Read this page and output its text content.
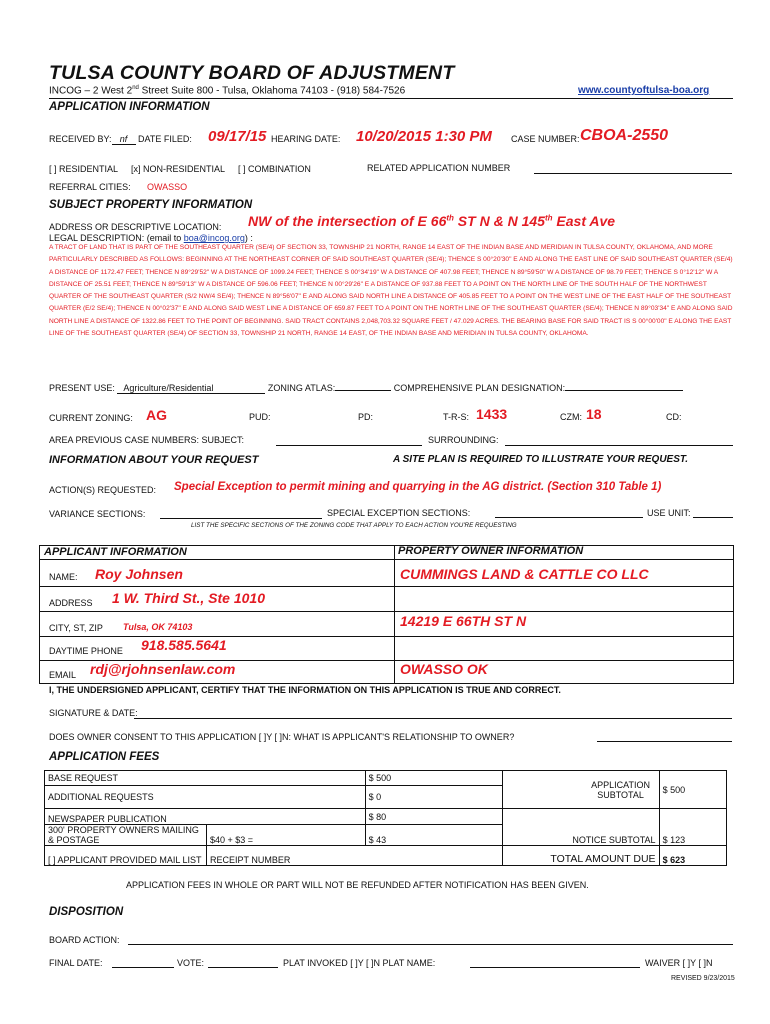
TULSA COUNTY BOARD OF ADJUSTMENT
INCOG – 2 West 2nd Street Suite 800 - Tulsa, Oklahoma 74103 - (918) 584-7526	www.countyoftulsa-boa.org
APPLICATION INFORMATION
RECEIVED BY: nf DATE FILED: 09/17/15 HEARING DATE: 10/20/2015 1:30 PM CASE NUMBER: CBOA-2550
[ ] RESIDENTIAL [x] NON-RESIDENTIAL [ ] COMBINATION	RELATED APPLICATION NUMBER
REFERRAL CITIES: OWASSO
SUBJECT PROPERTY INFORMATION
ADDRESS OR DESCRIPTIVE LOCATION: NW of the intersection of E 66th ST N & N 145th East Ave
LEGAL DESCRIPTION: (email to boa@incog.org) :
A TRACT OF LAND THAT IS PART OF THE SOUTHEAST QUARTER (SE/4) OF SECTION 33, TOWNSHIP 21 NORTH, RANGE 14 EAST OF THE INDIAN BASE AND MERIDIAN IN TULSA COUNTY, OKLAHOMA, AND MORE PARTICULARLY DESCRIBED AS FOLLOWS: BEGINNING AT THE NORTHEAST CORNER OF SAID SOUTHEAST QUARTER (SE/4); THENCE S 00°20'30" E AND ALONG THE EAST LINE OF SAID SOUTHEAST QUARTER (SE/4) A DISTANCE OF 1172.47 FEET; THENCE N 89°29'52" W A DISTANCE OF 1099.24 FEET; THENCE S 00°34'19" W A DISTANCE OF 407.98 FEET; THENCE N 89°59'50" W A DISTANCE OF 98.79 FEET; THENCE S 0°12'12" W A DISTANCE OF 25.51 FEET; THENCE N 89°59'13" W A DISTANCE OF 596.06 FEET; THENCE N 00°29'26" E A DISTANCE OF 937.88 FEET TO A POINT ON THE NORTH LINE OF THE SOUTH HALF OF THE NORTHWEST QUARTER OF THE SOUTHEAST QUARTER (S/2 NW/4 SE/4); THENCE N 89°56'07" E AND ALONG SAID NORTH LINE A DISTANCE OF 405.85 FEET TO A POINT ON THE WEST LINE OF THE EAST HALF OF THE SOUTHEAST QUARTER (E/2 SE/4); THENCE N 00°02'37" E AND ALONG SAID WEST LINE A DISTANCE OF 659.87 FEET TO A POINT ON THE NORTH LINE OF THE SOUTHEAST QUARTER (SE/4); THENCE N 89°03'34" E AND ALONG SAID NORTH LINE A DISTANCE OF 1322.86 FEET TO THE POINT OF BEGINNING. SAID TRACT CONTAINS 2,048,703.32 SQUARE FEET / 47.029 ACRES. THE BEARING BASE FOR SAID TRACT IS S 00°00'00" E ALONG THE EAST LINE OF THE SOUTHEAST QUARTER (SE/4) OF SECTION 33, TOWNSHIP 21 NORTH, RANGE 14 EAST, OF THE INDIAN BASE AND MERIDIAN IN TULSA COUNTY, OKLAHOMA.
PRESENT USE: Agriculture/Residential	ZONING ATLAS:	COMPREHENSIVE PLAN DESIGNATION:
CURRENT ZONING: AG	PUD:	PD:	T-R-S: 1433	CZM: 18	CD:
AREA PREVIOUS CASE NUMBERS: SUBJECT:	SURROUNDING:
INFORMATION ABOUT YOUR REQUEST	A SITE PLAN IS REQUIRED TO ILLUSTRATE YOUR REQUEST.
ACTION(S) REQUESTED: Special Exception to permit mining and quarrying in the AG district. (Section 310 Table 1)
VARIANCE SECTIONS:	SPECIAL EXCEPTION SECTIONS:	USE UNIT:
LIST THE SPECIFIC SECTIONS OF THE ZONING CODE THAT APPLY TO EACH ACTION YOU'RE REQUESTING
APPLICANT INFORMATION	PROPERTY OWNER INFORMATION
NAME: Roy Johnsen	CUMMINGS LAND & CATTLE CO LLC
ADDRESS 1 W. Third St., Ste 1010
CITY, ST, ZIP Tulsa, OK 74103	14219 E 66TH ST N
DAYTIME PHONE 918.585.5641
EMAIL rdj@rjohnsenlaw.com	OWASSO OK
I, THE UNDERSIGNED APPLICANT, CERTIFY THAT THE INFORMATION ON THIS APPLICATION IS TRUE AND CORRECT.
SIGNATURE & DATE:
DOES OWNER CONSENT TO THIS APPLICATION [ ]Y [ ]N: WHAT IS APPLICANT'S RELATIONSHIP TO OWNER?
APPLICATION FEES
BASE REQUEST		$ 500	APPLICATION SUBTOTAL	$ 500	
ADDITIONAL REQUESTS		$ 0			
NEWSPAPER PUBLICATION		$ 80	NOTICE SUBTOTAL	$ 123	
300' PROPERTY OWNERS MAILING & POSTAGE	$40 + $3 =	$ 43			
[ ] APPLICANT PROVIDED MAIL LIST	RECEIPT NUMBER		TOTAL AMOUNT DUE	$ 623	
APPLICATION FEES IN WHOLE OR PART WILL NOT BE REFUNDED AFTER NOTIFICATION HAS BEEN GIVEN.
DISPOSITION
BOARD ACTION:
FINAL DATE:	VOTE:	PLAT INVOKED [ ]Y [ ]N PLAT NAME:	WAIVER [ ]Y [ ]N
REVISED 9/23/2015
